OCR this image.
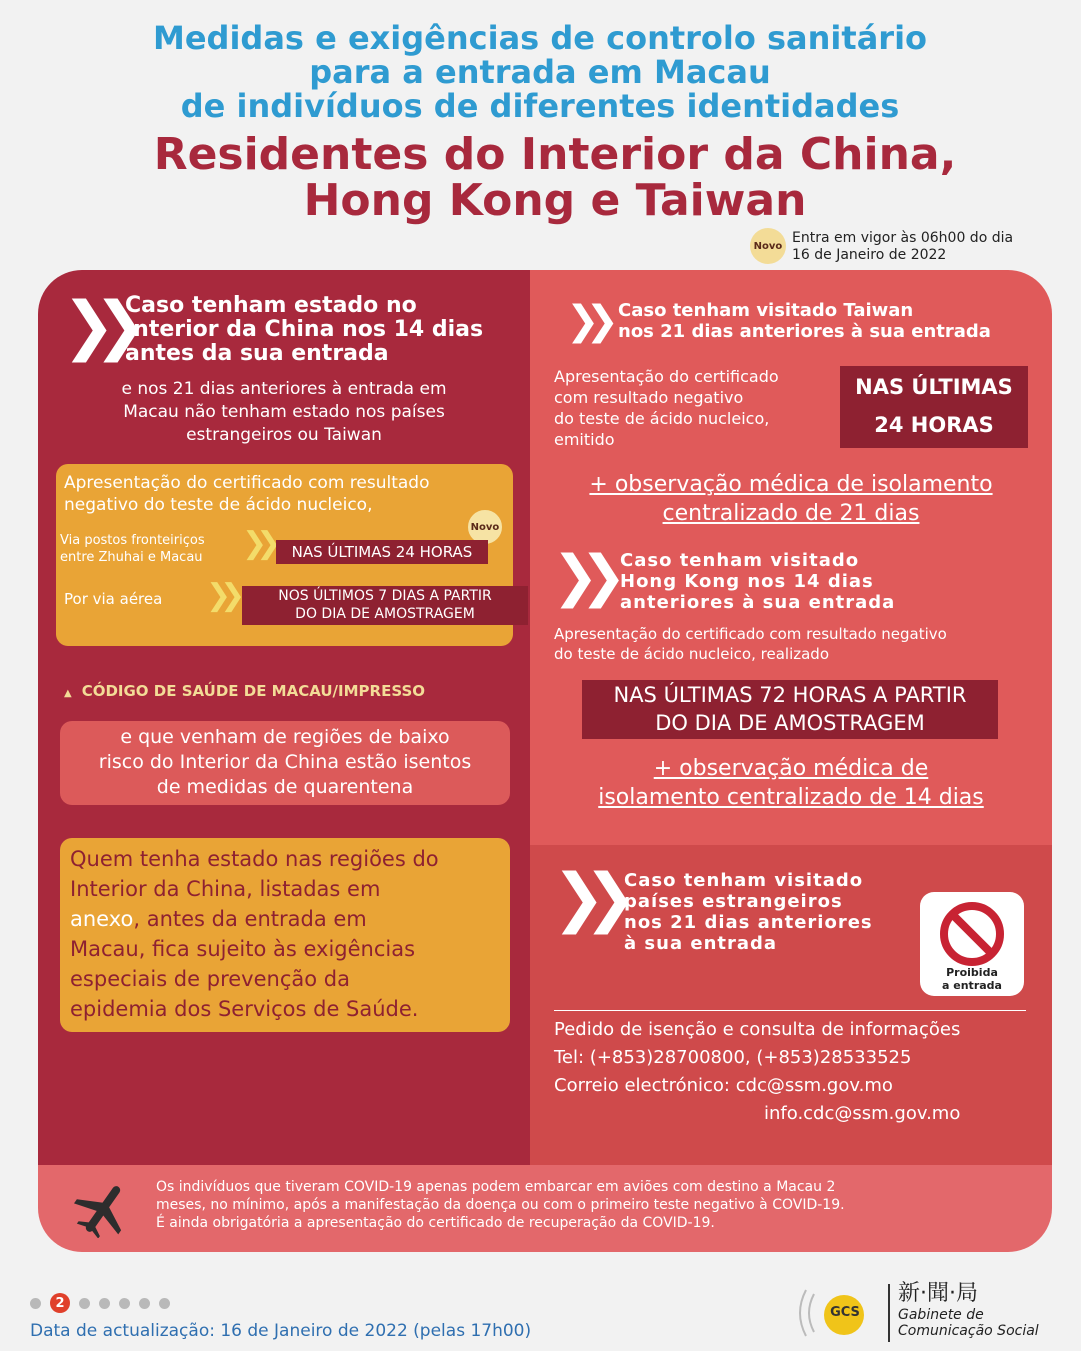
Medidas e exigências de controlo sanitário
para a entrada em Macau
de indivíduos de diferentes identidades
Residentes do Interior da China,
Hong Kong e Taiwan
Novo Entra em vigor às 06h00 do dia
16 de Janeiro de 2022
❯❯ Caso tenham estado no
Interior da China nos 14 dias
antes da sua entrada
e nos 21 dias anteriores à entrada em
Macau não tenham estado nos países
estrangeiros ou Taiwan
Apresentação do certificado com resultado
negativo do teste de ácido nucleico,
Novo
Via postos fronteiriços
entre Zhuhai e Macau ❯❯	NAS ÚLTIMAS 24 HORAS
Por via aérea ❯❯	NOS ÚLTIMOS 7 DIAS A PARTIR
DO DIA DE AMOSTRAGEM
▲ CÓDIGO DE SAÚDE DE MACAU/IMPRESSO
e que venham de regiões de baixo
risco do Interior da China estão isentos
de medidas de quarentena
Quem tenha estado nas regiões do
Interior da China, listadas em
anexo, antes da entrada em
Macau, fica sujeito às exigências
especiais de prevenção da
epidemia dos Serviços de Saúde.
❯❯ Caso tenham visitado Taiwan
nos 21 dias anteriores à sua entrada
Apresentação do certificado
com resultado negativo
do teste de ácido nucleico,
emitido
NAS ÚLTIMAS
24 HORAS
+ observação médica de isolamento
centralizado de 21 dias
❯❯ Caso tenham visitado
Hong Kong nos 14 dias
anteriores à sua entrada
Apresentação do certificado com resultado negativo
do teste de ácido nucleico, realizado
NAS ÚLTIMAS 72 HORAS A PARTIR
DO DIA DE AMOSTRAGEM
+ observação médica de
isolamento centralizado de 14 dias
❯❯ Caso tenham visitado
países estrangeiros
nos 21 dias anteriores
à sua entrada
Proibida
a entrada
Pedido de isenção e consulta de informações
Tel: (+853)28700800, (+853)28533525
Correio electrónico: cdc@ssm.gov.mo
info.cdc@ssm.gov.mo
Os indivíduos que tiveram COVID-19 apenas podem embarcar em aviões com destino a Macau 2
meses, no mínimo, após a manifestação da doença ou com o primeiro teste negativo à COVID-19.
É ainda obrigatória a apresentação do certificado de recuperação da COVID-19.
2
Data de actualização: 16 de Janeiro de 2022 (pelas 17h00)
GCS
新·聞·局
Gabinete de
Comunicação Social
